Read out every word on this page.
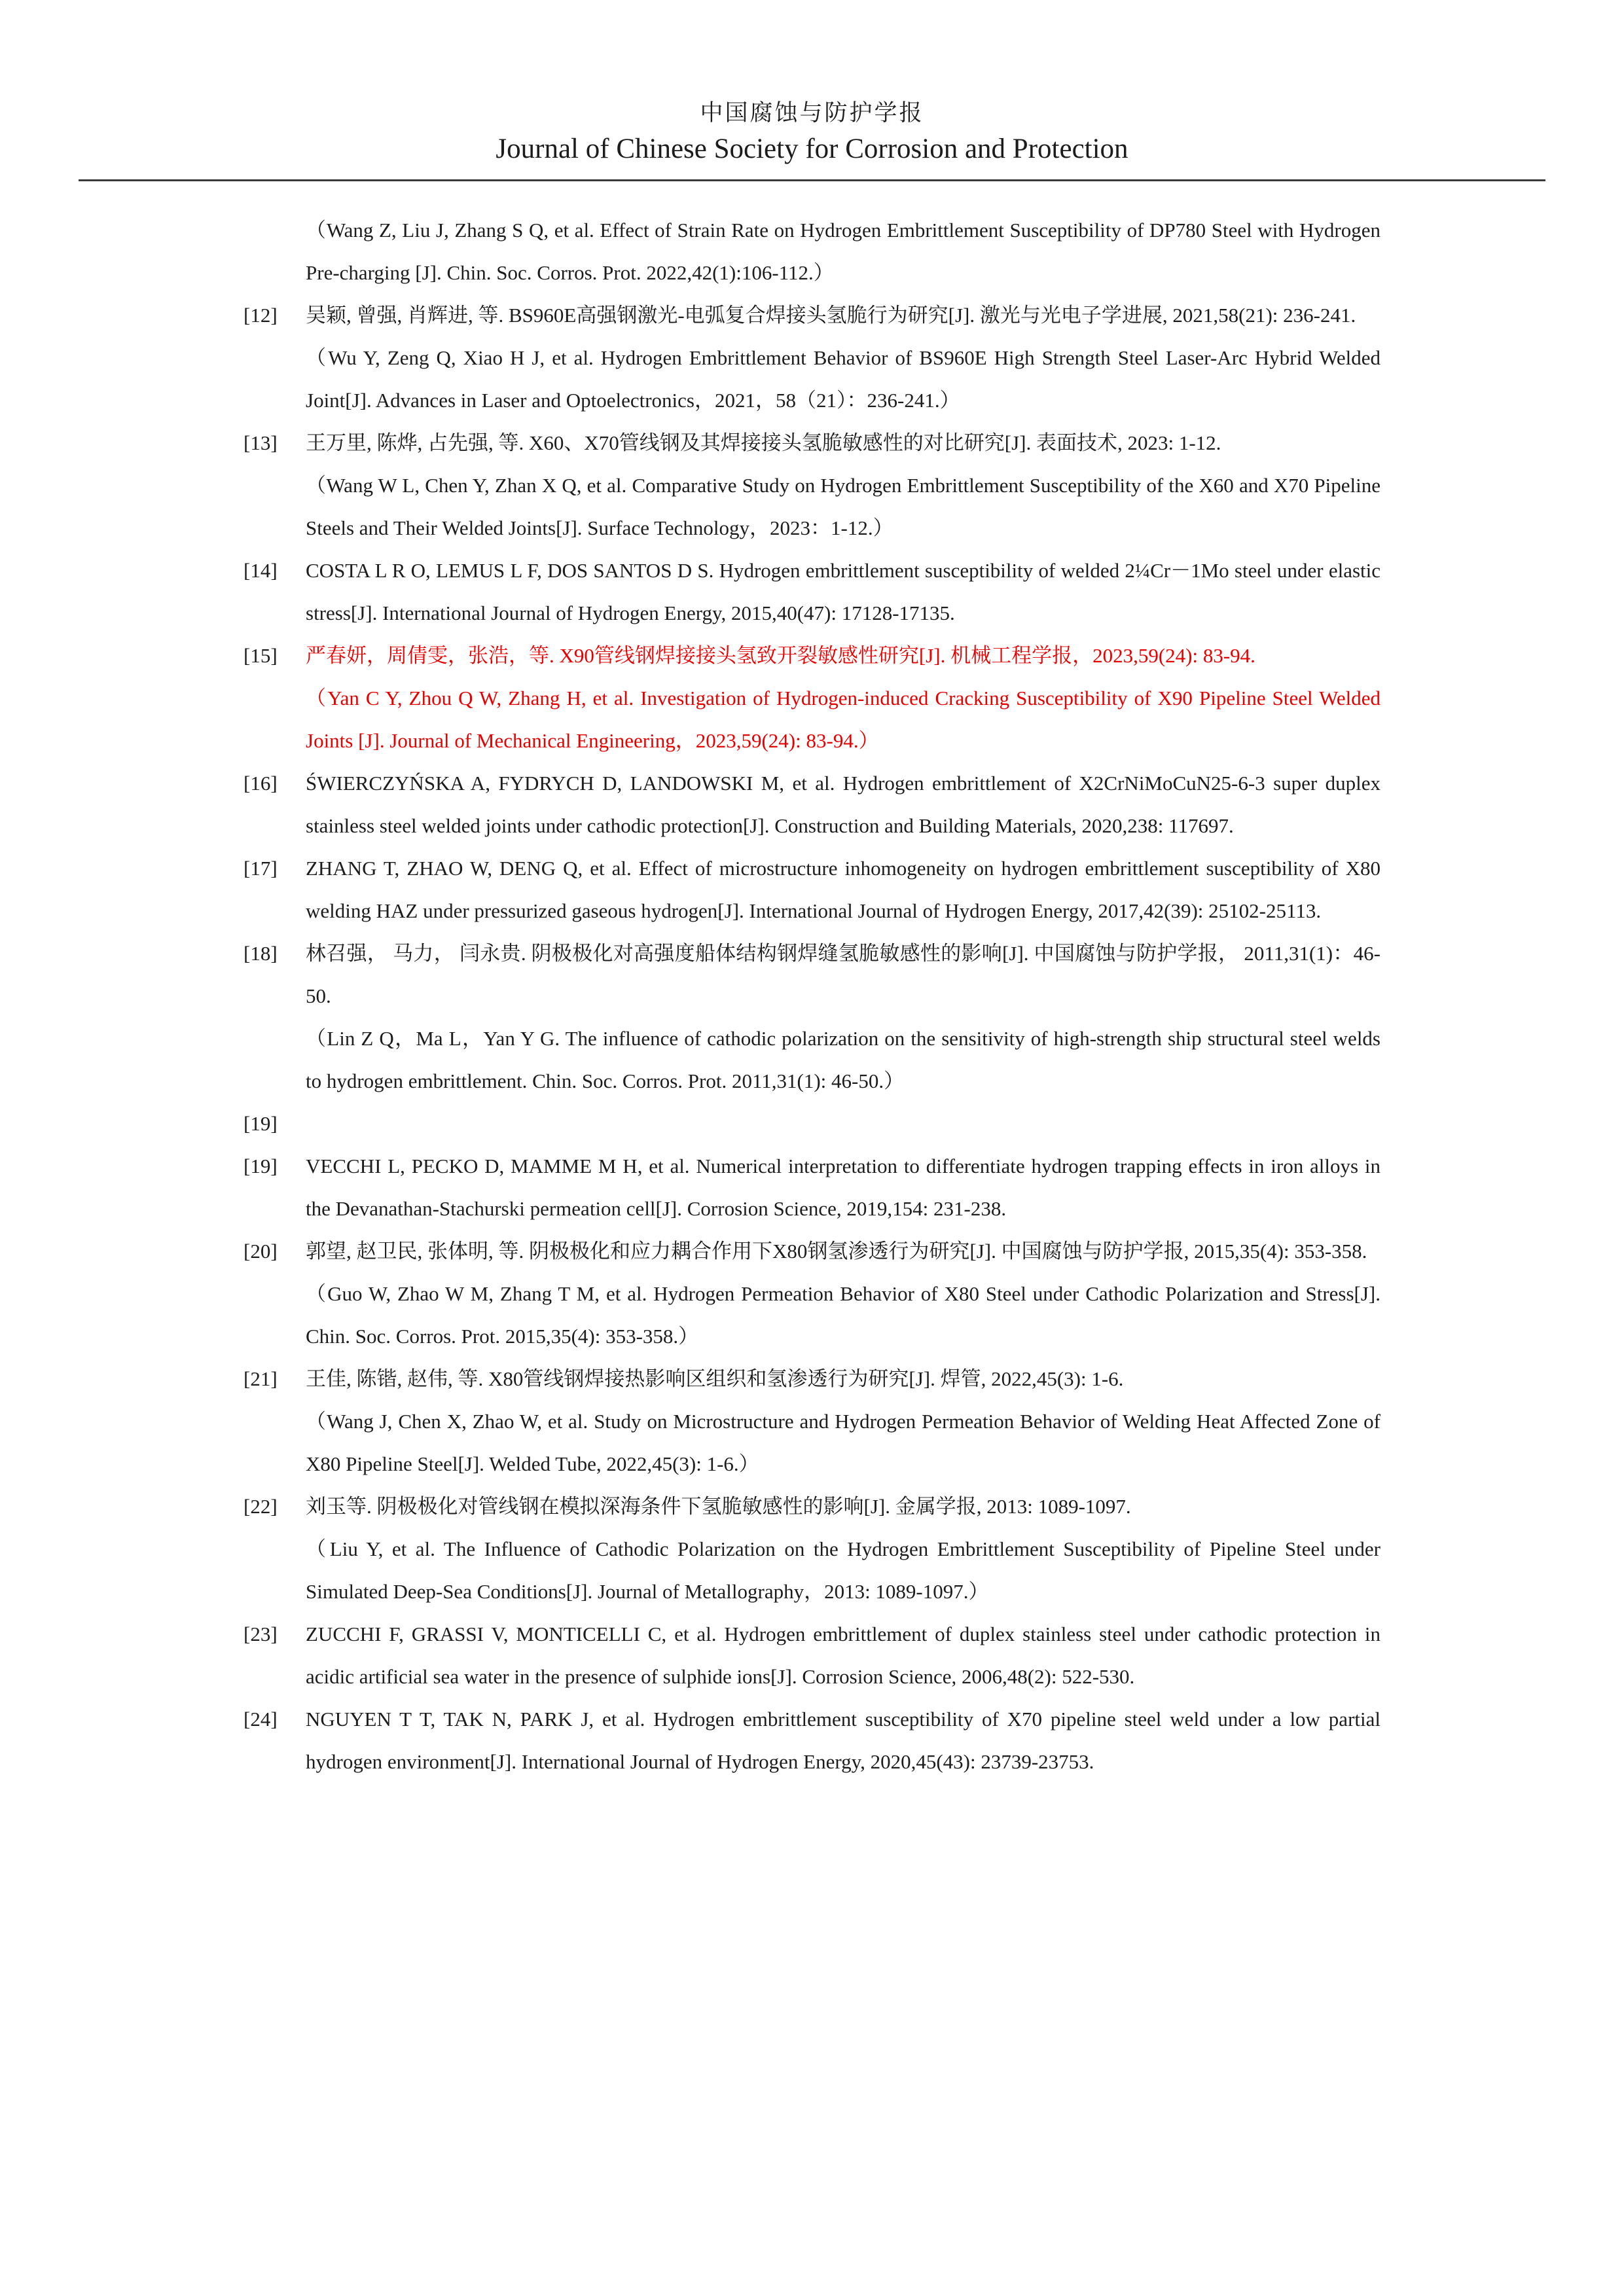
中国腐蚀与防护学报
Journal of Chinese Society for Corrosion and Protection

（Wang Z, Liu J, Zhang S Q, et al. Effect of Strain Rate on Hydrogen Embrittlement Susceptibility of DP780 Steel with Hydrogen Pre-charging [J]. Chin. Soc. Corros. Prot. 2022,42(1):106-112.）

[12]	吴颖, 曾强, 肖辉进, 等. BS960E高强钢激光-电弧复合焊接头氢脆行为研究[J]. 激光与光电子学进展, 2021,58(21): 236-241.

（Wu Y, Zeng Q, Xiao H J, et al. Hydrogen Embrittlement Behavior of BS960E High Strength Steel Laser-Arc Hybrid Welded Joint[J]. Advances in Laser and Optoelectronics，2021，58（21）：236-241.）

[13]	王万里, 陈烨, 占先强, 等. X60、X70管线钢及其焊接接头氢脆敏感性的对比研究[J]. 表面技术, 2023: 1-12.

（Wang W L, Chen Y, Zhan X Q, et al. Comparative Study on Hydrogen Embrittlement Susceptibility of the X60 and X70 Pipeline Steels and Their Welded Joints[J]. Surface Technology，2023：1-12.）

[14]	COSTA L R O, LEMUS L F, DOS SANTOS D S. Hydrogen embrittlement susceptibility of welded 2¼Cr－1Mo steel under elastic stress[J]. International Journal of Hydrogen Energy, 2015,40(47): 17128-17135.

[15]	严春妍，周倩雯，张浩，等. X90管线钢焊接接头氢致开裂敏感性研究[J]. 机械工程学报，2023,59(24): 83-94.

（Yan C Y, Zhou Q W, Zhang H, et al. Investigation of Hydrogen-induced Cracking Susceptibility of X90 Pipeline Steel Welded Joints [J]. Journal of Mechanical Engineering，2023,59(24): 83-94.）

[16]	ŚWIERCZYŃSKA A, FYDRYCH D, LANDOWSKI M, et al. Hydrogen embrittlement of X2CrNiMoCuN25-6-3 super duplex stainless steel welded joints under cathodic protection[J]. Construction and Building Materials, 2020,238: 117697.

[17]	ZHANG T, ZHAO W, DENG Q, et al. Effect of microstructure inhomogeneity on hydrogen embrittlement susceptibility of X80 welding HAZ under pressurized gaseous hydrogen[J]. International Journal of Hydrogen Energy, 2017,42(39): 25102-25113.

[18]	林召强， 马力， 闫永贵. 阴极极化对高强度船体结构钢焊缝氢脆敏感性的影响[J]. 中国腐蚀与防护学报， 2011,31(1)：46-50.

（Lin Z Q，Ma L，Yan Y G. The influence of cathodic polarization on the sensitivity of high-strength ship structural steel welds to hydrogen embrittlement. Chin. Soc. Corros. Prot. 2011,31(1): 46-50.）

[19]

[19]	VECCHI L, PECKO D, MAMME M H, et al. Numerical interpretation to differentiate hydrogen trapping effects in iron alloys in the Devanathan-Stachurski permeation cell[J]. Corrosion Science, 2019,154: 231-238.

[20]	郭望, 赵卫民, 张体明, 等. 阴极极化和应力耦合作用下X80钢氢渗透行为研究[J]. 中国腐蚀与防护学报, 2015,35(4): 353-358.

（Guo W, Zhao W M, Zhang T M, et al. Hydrogen Permeation Behavior of X80 Steel under Cathodic Polarization and Stress[J]. Chin. Soc. Corros. Prot. 2015,35(4): 353-358.）

[21]	王佳, 陈锴, 赵伟, 等. X80管线钢焊接热影响区组织和氢渗透行为研究[J]. 焊管, 2022,45(3): 1-6.

（Wang J, Chen X, Zhao W, et al. Study on Microstructure and Hydrogen Permeation Behavior of Welding Heat Affected Zone of X80 Pipeline Steel[J]. Welded Tube, 2022,45(3): 1-6.）

[22]	刘玉等. 阴极极化对管线钢在模拟深海条件下氢脆敏感性的影响[J]. 金属学报, 2013: 1089-1097.

（Liu Y, et al. The Influence of Cathodic Polarization on the Hydrogen Embrittlement Susceptibility of Pipeline Steel under Simulated Deep-Sea Conditions[J]. Journal of Metallography，2013: 1089-1097.）

[23]	ZUCCHI F, GRASSI V, MONTICELLI C, et al. Hydrogen embrittlement of duplex stainless steel under cathodic protection in acidic artificial sea water in the presence of sulphide ions[J]. Corrosion Science, 2006,48(2): 522-530.

[24]	NGUYEN T T, TAK N, PARK J, et al. Hydrogen embrittlement susceptibility of X70 pipeline steel weld under a low partial hydrogen environment[J]. International Journal of Hydrogen Energy, 2020,45(43): 23739-23753.
